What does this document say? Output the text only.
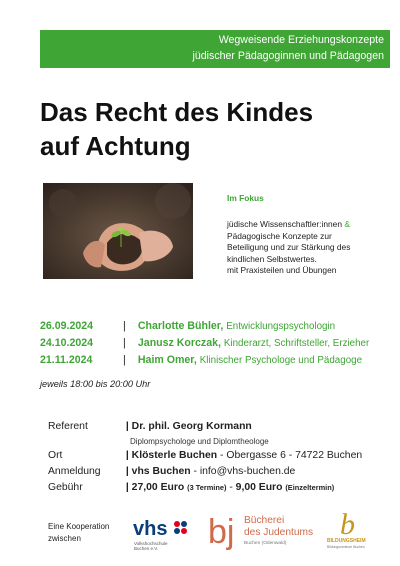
Wegweisende Erziehungskonzepte
jüdischer Pädagoginnen und Pädagogen
Das Recht des Kindes
auf Achtung
Im Fokus
jüdische Wissenschaftler:innen &
Pädagogische Konzepte zur
Beteiligung und zur Stärkung des
kindlichen Selbstwertes.
mit Praxisteilen und Übungen
26.09.2024	| Charlotte Bühler, Entwicklungspsychologin
24.10.2024	| Janusz Korczak, Kinderarzt, Schriftsteller, Erzieher
21.11.2024	| Haim Omer, Klinischer Psychologe und Pädagoge
jeweils 18:00 bis 20:00 Uhr
Referent	| Dr. phil. Georg Kormann
Diplompsychologe und Diplomtheologe
Ort	| Klösterle Buchen - Obergasse 6 - 74722 Buchen
Anmeldung | vhs Buchen - info@vhs-buchen.de
Gebühr	| 27,00 Euro (3 Termine) - 9,00 Euro (Einzeltermin)
Eine Kooperation
zwischen	vhs
Volkshochschule
Buchen e.V. bj Bücherei
des Judentums
Buchen (Odenwald)
b
BILDUNGSHEIM
Bildungszentrum Buchen
